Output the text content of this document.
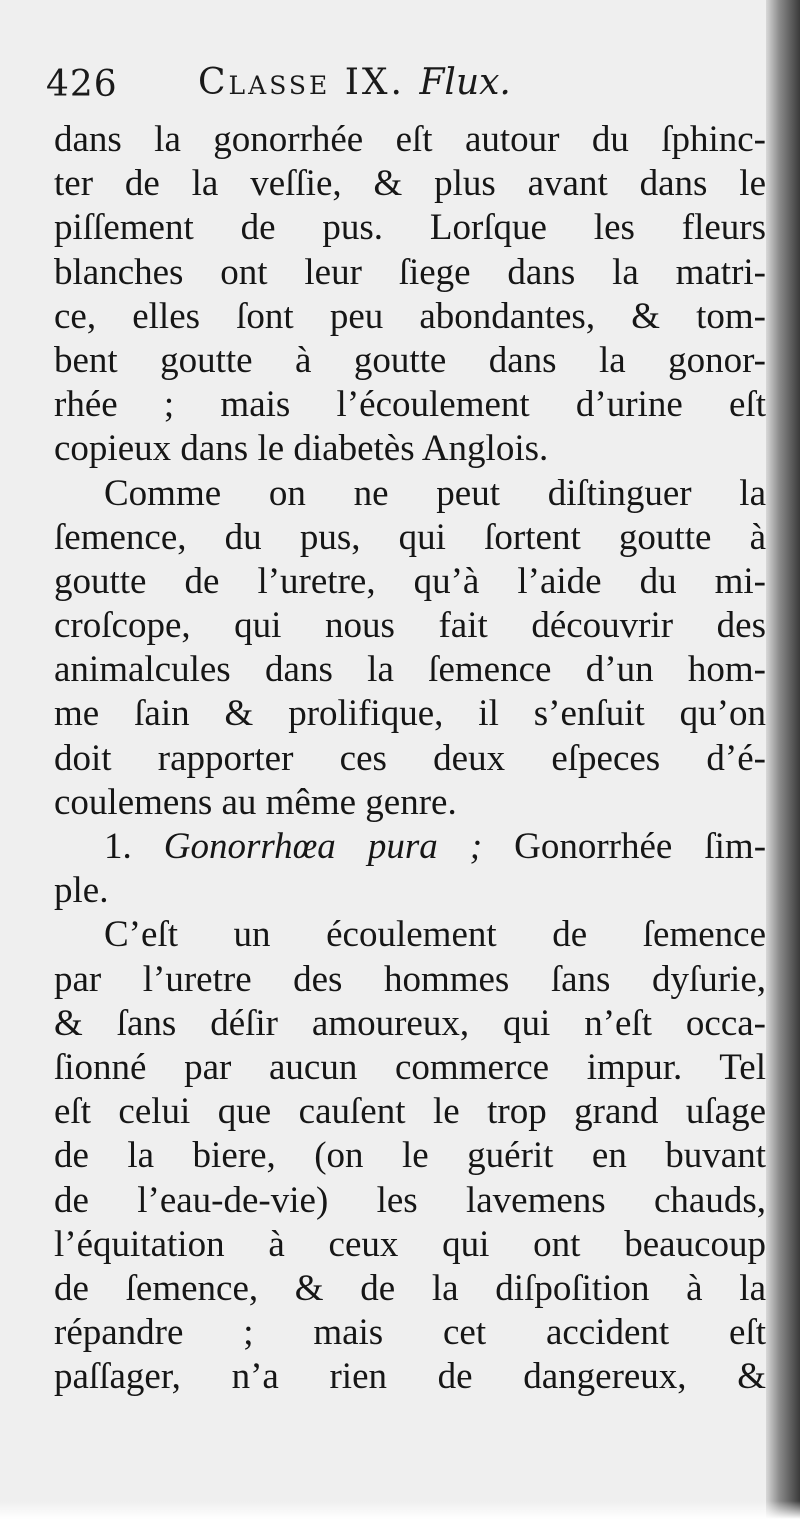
426 Classe IX. Flux.
dans la gonorrhée eſt autour du ſphinc-
ter de la veſſie, & plus avant dans le
piſſement de pus. Lorſque les fleurs
blanches ont leur ſiege dans la matri-
ce, elles ſont peu abondantes, & tom-
bent goutte à goutte dans la gonor-
rhée ; mais l’écoulement d’urine eſt
copieux dans le diabetès Anglois.
Comme on ne peut diſtinguer la
ſemence, du pus, qui ſortent goutte à
goutte de l’uretre, qu’à l’aide du mi-
croſcope, qui nous fait découvrir des
animalcules dans la ſemence d’un hom-
me ſain & prolifique, il s’enſuit qu’on
doit rapporter ces deux eſpeces d’é-
coulemens au même genre.
1. Gonorrhœa pura ; Gonorrhée ſim-
ple.
C’eſt un écoulement de ſemence
par l’uretre des hommes ſans dyſurie,
& ſans déſir amoureux, qui n’eſt occa-
ſionné par aucun commerce impur. Tel
eſt celui que cauſent le trop grand uſage
de la biere, (on le guérit en buvant
de l’eau-de-vie) les lavemens chauds,
l’équitation à ceux qui ont beaucoup
de ſemence, & de la diſpoſition à la
répandre ; mais cet accident eſt
paſſager, n’a rien de dangereux, &
